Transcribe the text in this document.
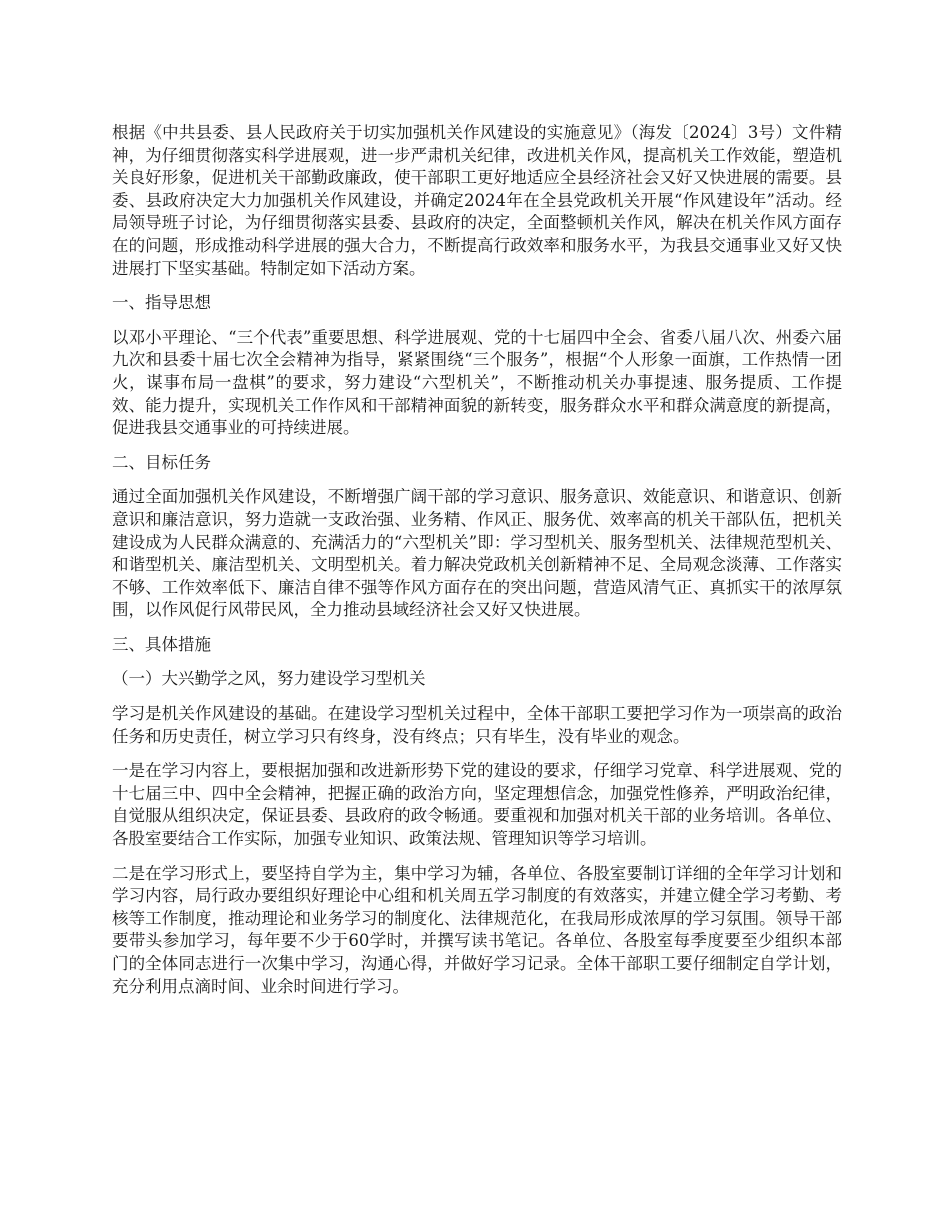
根据《中共县委、县人民政府关于切实加强机关作风建设的实施意见》（海发〔2024〕3号）文件精神，为仔细贯彻落实科学进展观，进一步严肃机关纪律，改进机关作风，提高机关工作效能，塑造机关良好形象，促进机关干部勤政廉政，使干部职工更好地适应全县经济社会又好又快进展的需要。县委、县政府决定大力加强机关作风建设，并确定2024年在全县党政机关开展“作风建设年”活动。经局领导班子讨论，为仔细贯彻落实县委、县政府的决定，全面整顿机关作风，解决在机关作风方面存在的问题，形成推动科学进展的强大合力，不断提高行政效率和服务水平，为我县交通事业又好又快进展打下坚实基础。特制定如下活动方案。

一、指导思想

以邓小平理论、“三个代表”重要思想、科学进展观、党的十七届四中全会、省委八届八次、州委六届九次和县委十届七次全会精神为指导，紧紧围绕“三个服务”，根据“个人形象一面旗，工作热情一团火，谋事布局一盘棋”的要求，努力建设“六型机关”，不断推动机关办事提速、服务提质、工作提效、能力提升，实现机关工作作风和干部精神面貌的新转变，服务群众水平和群众满意度的新提高，促进我县交通事业的可持续进展。

二、目标任务

通过全面加强机关作风建设，不断增强广阔干部的学习意识、服务意识、效能意识、和谐意识、创新意识和廉洁意识，努力造就一支政治强、业务精、作风正、服务优、效率高的机关干部队伍，把机关建设成为人民群众满意的、充满活力的“六型机关”即：学习型机关、服务型机关、法律规范型机关、和谐型机关、廉洁型机关、文明型机关。着力解决党政机关创新精神不足、全局观念淡薄、工作落实不够、工作效率低下、廉洁自律不强等作风方面存在的突出问题，营造风清气正、真抓实干的浓厚氛围，以作风促行风带民风，全力推动县域经济社会又好又快进展。

三、具体措施

（一）大兴勤学之风，努力建设学习型机关

学习是机关作风建设的基础。在建设学习型机关过程中，全体干部职工要把学习作为一项崇高的政治任务和历史责任，树立学习只有终身，没有终点；只有毕生，没有毕业的观念。

一是在学习内容上，要根据加强和改进新形势下党的建设的要求，仔细学习党章、科学进展观、党的十七届三中、四中全会精神，把握正确的政治方向，坚定理想信念，加强党性修养，严明政治纪律，自觉服从组织决定，保证县委、县政府的政令畅通。要重视和加强对机关干部的业务培训。各单位、各股室要结合工作实际，加强专业知识、政策法规、管理知识等学习培训。

二是在学习形式上，要坚持自学为主，集中学习为辅，各单位、各股室要制订详细的全年学习计划和学习内容，局行政办要组织好理论中心组和机关周五学习制度的有效落实，并建立健全学习考勤、考核等工作制度，推动理论和业务学习的制度化、法律规范化，在我局形成浓厚的学习氛围。领导干部要带头参加学习，每年要不少于60学时，并撰写读书笔记。各单位、各股室每季度要至少组织本部门的全体同志进行一次集中学习，沟通心得，并做好学习记录。全体干部职工要仔细制定自学计划，充分利用点滴时间、业余时间进行学习。
